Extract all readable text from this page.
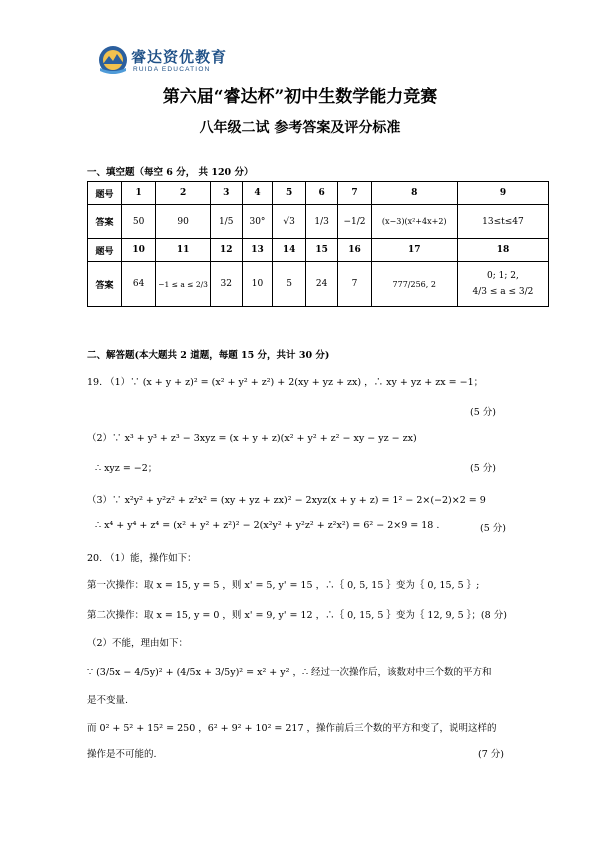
睿达资优教育
RUIDA EDUCATION
第六届“睿达杯”初中生数学能力竞赛
八年级二试 参考答案及评分标准
一、填空题（每空 6 分， 共 120 分）
题号	1	2	3	4	5	6	7	8	9
答案	50	90	1/5	30°	√3	1/3	−1/2	(x−3)(x²+4x+2)	13≤t≤47
题号	10	11	12	13	14	15	16	17	18
答案	64	−1 ≤ a ≤ 2/3	32	10	5	24	7	777/256, 2	0; 1; 2,
4/3 ≤ a ≤ 3/2
二、解答题(本大题共 2 道题，每题 15 分，共计 30 分)
19. （1）∵ (x + y + z)² = (x² + y² + z²) + 2(xy + yz + zx) ，∴ xy + yz + zx = −1；
(5 分)
（2）∵ x³ + y³ + z³ − 3xyz = (x + y + z)(x² + y² + z² − xy − yz − zx)
∴ xyz = −2；	(5 分)
（3）∵ x²y² + y²z² + z²x² = (xy + yz + zx)² − 2xyz(x + y + z) = 1² − 2×(−2)×2 = 9
∴ x⁴ + y⁴ + z⁴ = (x² + y² + z²)² − 2(x²y² + y²z² + z²x²) = 6² − 2×9 = 18 .	(5 分)
20. （1）能，操作如下：
第一次操作：取 x = 15, y = 5 ，则 x' = 5, y' = 15 ，∴｛ 0, 5, 15 ｝变为｛ 0, 15, 5 ｝;
第二次操作：取 x = 15, y = 0 ，则 x' = 9, y' = 12 ，∴｛ 0, 15, 5 ｝变为｛ 12, 9, 5 ｝；(8 分)
（2）不能，理由如下：
∵ (3/5x − 4/5y)² + (4/5x + 3/5y)² = x² + y² ，∴ 经过一次操作后，该数对中三个数的平方和
是不变量.
而 0² + 5² + 15² = 250 ，6² + 9² + 10² = 217 ，操作前后三个数的平方和变了，说明这样的
操作是不可能的.	(7 分)
